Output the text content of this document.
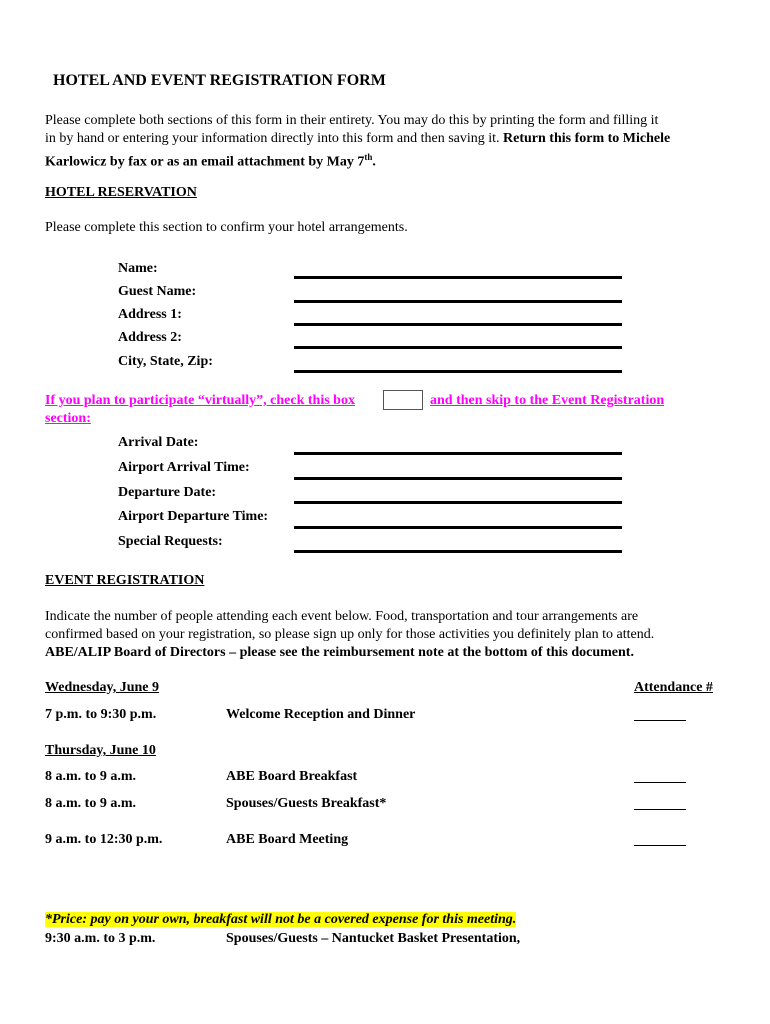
HOTEL AND EVENT REGISTRATION FORM
Please complete both sections of this form in their entirety. You may do this by printing the form and filling it
in by hand or entering your information directly into this form and then saving it. Return this form to Michele
Karlowicz by fax or as an email attachment by May 7th.
HOTEL RESERVATION
Please complete this section to confirm your hotel arrangements.
Name:
Guest Name:
Address 1:
Address 2:
City, State, Zip:
If you plan to participate “virtually”, check this box	and then skip to the Event Registration
section:
Arrival Date:
Airport Arrival Time:
Departure Date:
Airport Departure Time:
Special Requests:
EVENT REGISTRATION
Indicate the number of people attending each event below. Food, transportation and tour arrangements are
confirmed based on your registration, so please sign up only for those activities you definitely plan to attend.
ABE/ALIP Board of Directors – please see the reimbursement note at the bottom of this document.
Wednesday, June 9	Attendance #
7 p.m. to 9:30 p.m.	Welcome Reception and Dinner
Thursday, June 10
8 a.m. to 9 a.m.	ABE Board Breakfast
8 a.m. to 9 a.m.	Spouses/Guests Breakfast*
9 a.m. to 12:30 p.m.	ABE Board Meeting
*Price: pay on your own, breakfast will not be a covered expense for this meeting.
9:30 a.m. to 3 p.m.	Spouses/Guests – Nantucket Basket Presentation,
